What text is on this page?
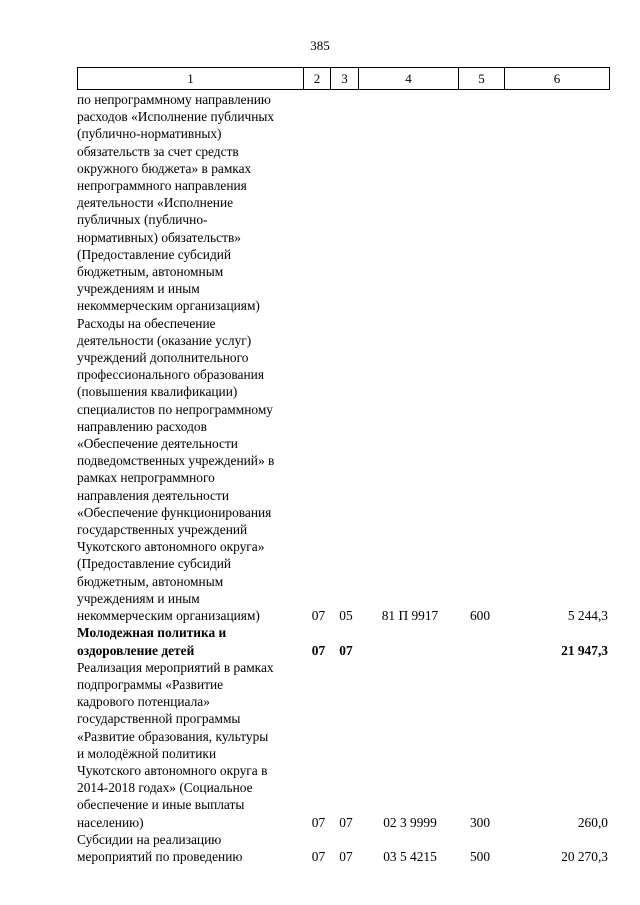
385
1	2	3	4	5	6
по непрограммному направлению
расходов «Исполнение публичных
(публично-нормативных)
обязательств за счет средств
окружного бюджета» в рамках
непрограммного направления
деятельности «Исполнение
публичных (публично-
нормативных) обязательств»
(Предоставление субсидий
бюджетным, автономным
учреждениям и иным
некоммерческим организациям)
Расходы на обеспечение
деятельности (оказание услуг)
учреждений дополнительного
профессионального образования
(повышения квалификации)
специалистов по непрограммному
направлению расходов
«Обеспечение деятельности
подведомственных учреждений» в
рамках непрограммного
направления деятельности
«Обеспечение функционирования
государственных учреждений
Чукотского автономного округа»
(Предоставление субсидий
бюджетным, автономным
учреждениям и иным
некоммерческим организациям)	07	05	81 П 9917	600	5 244,3
Молодежная политика и
оздоровление детей	07	07	21 947,3
Реализация мероприятий в рамках
подпрограммы «Развитие
кадрового потенциала»
государственной программы
«Развитие образования, культуры
и молодёжной политики
Чукотского автономного округа в
2014-2018 годах» (Социальное
обеспечение и иные выплаты
населению)	07	07	02 3 9999	300	260,0
Субсидии на реализацию
мероприятий по проведению	07	07	03 5 4215	500	20 270,3
